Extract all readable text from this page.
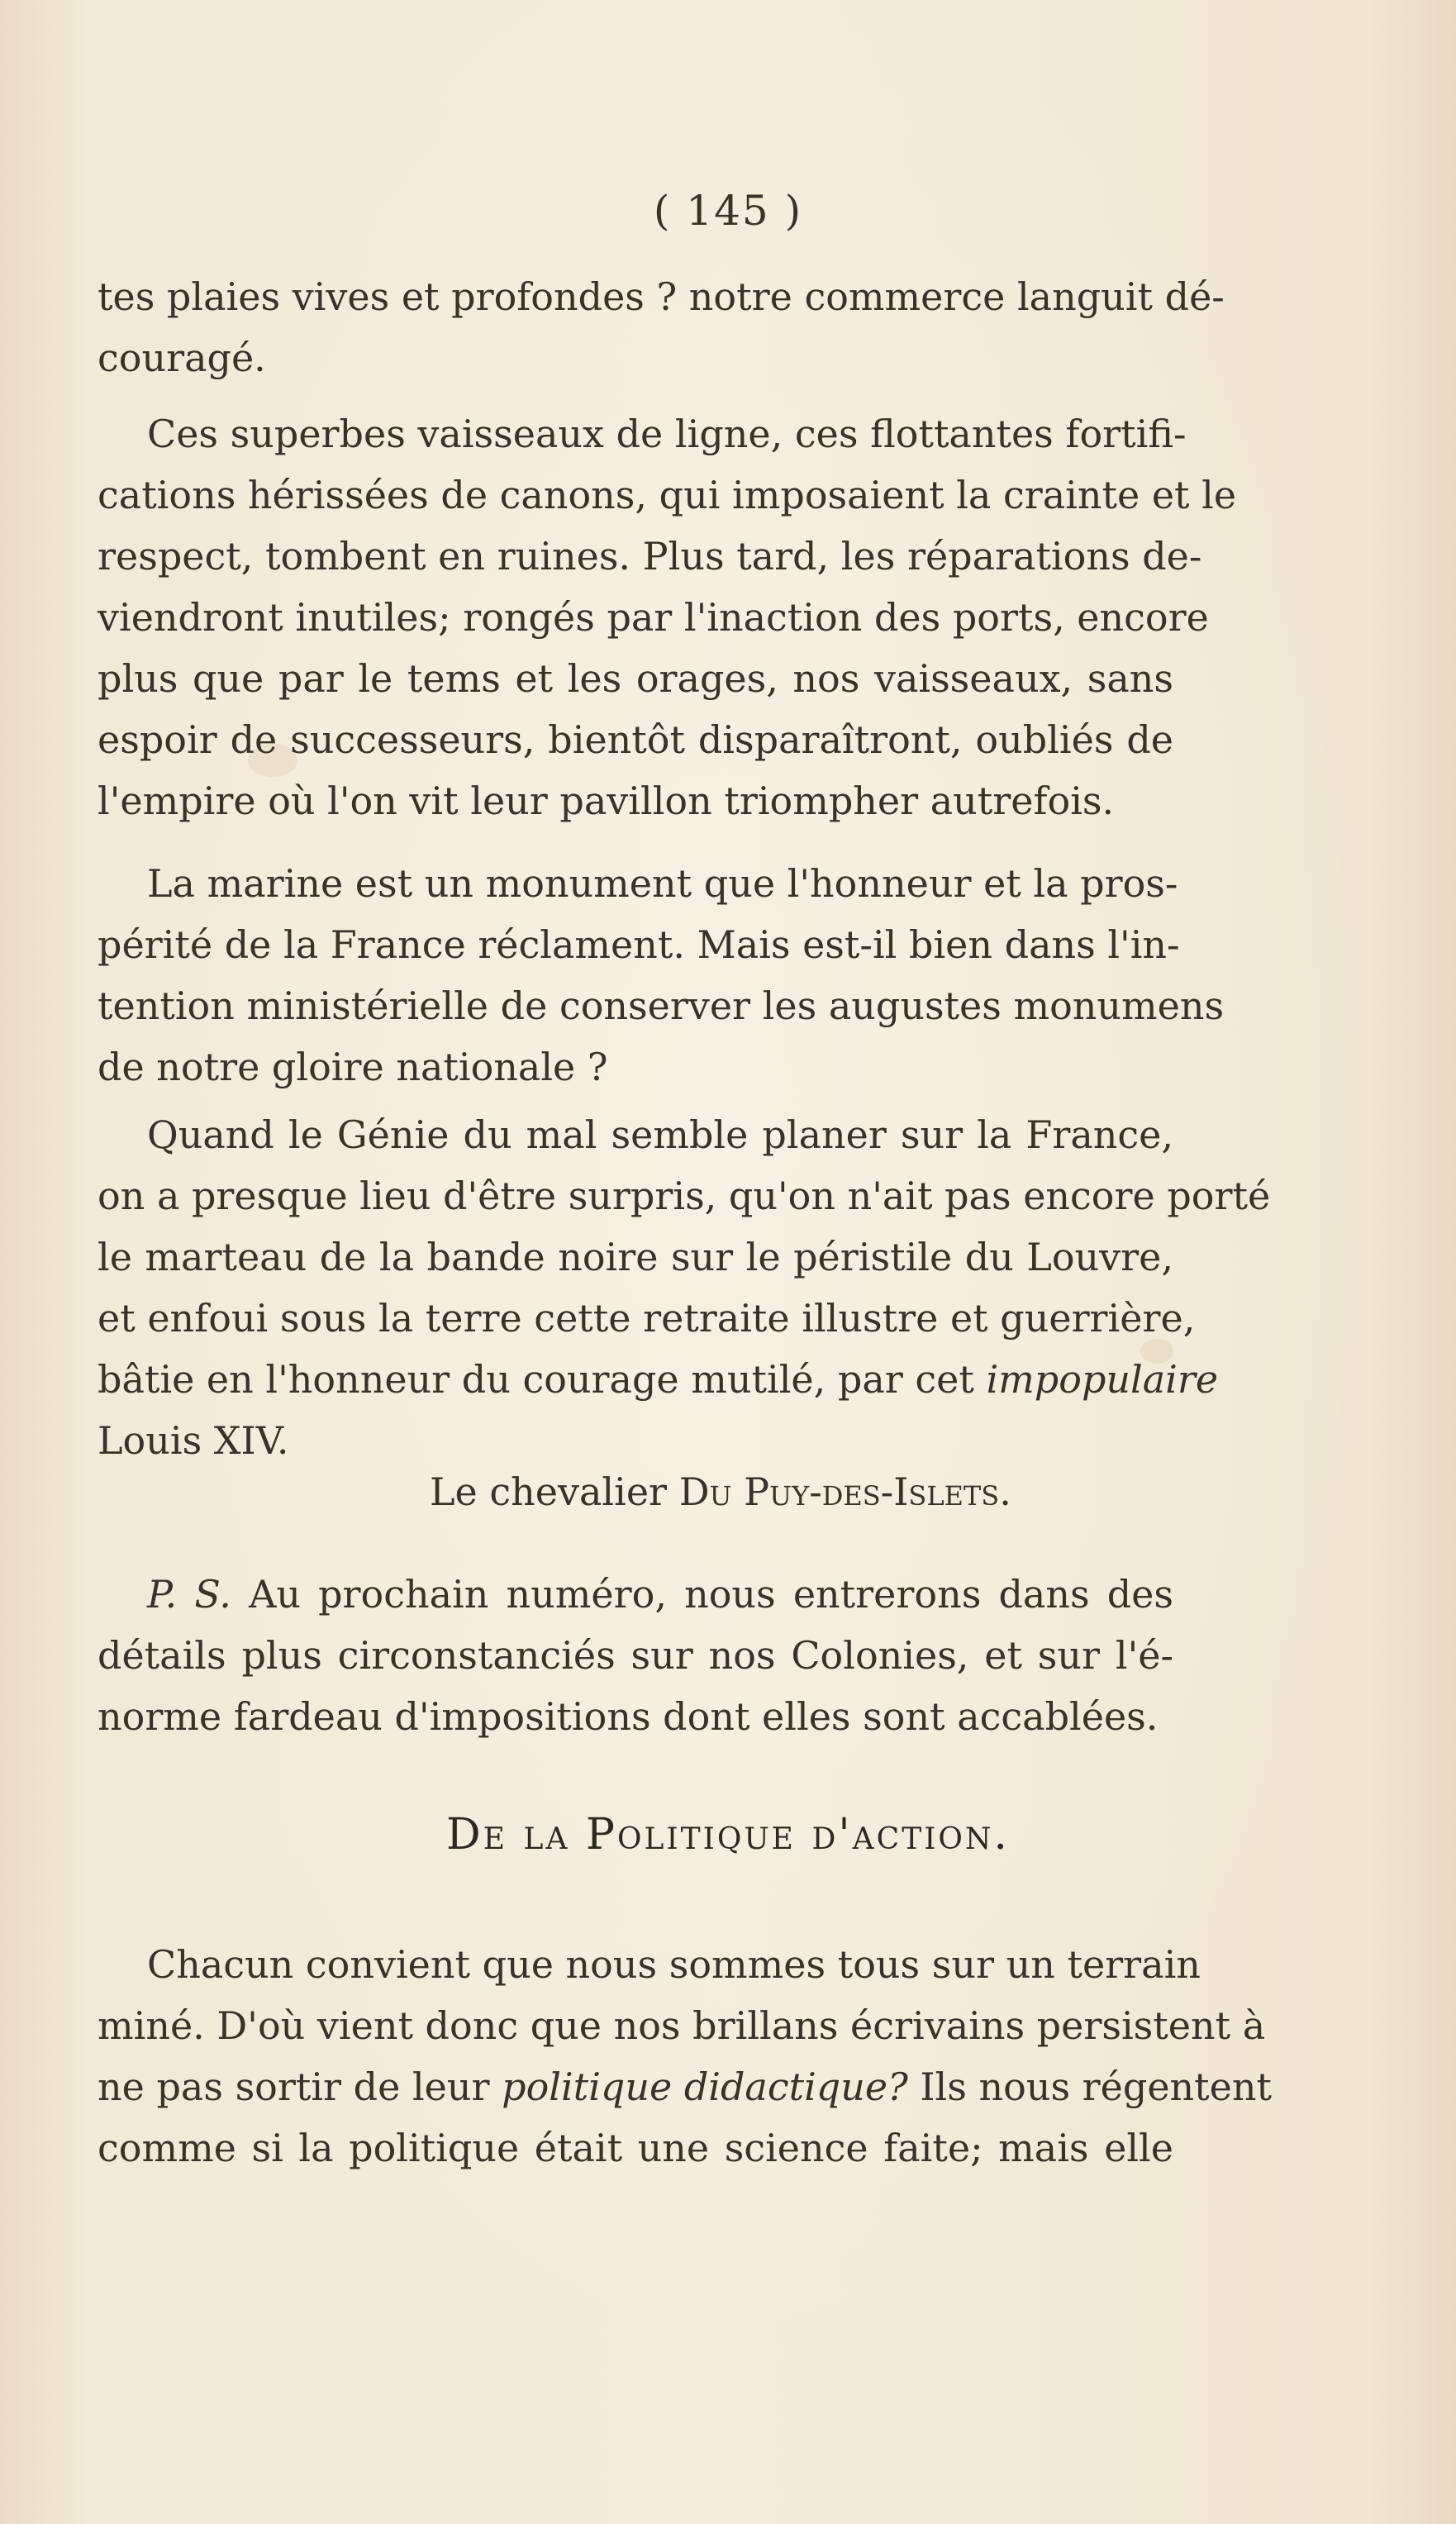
( 145 )
tes plaies vives et profondes ? notre commerce languit dé-
couragé.
Ces superbes vaisseaux de ligne, ces flottantes fortifi-
cations hérissées de canons, qui imposaient la crainte et le
respect, tombent en ruines. Plus tard, les réparations de-
viendront inutiles; rongés par l'inaction des ports, encore
plus que par le tems et les orages, nos vaisseaux, sans
espoir de successeurs, bientôt disparaîtront, oubliés de
l'empire où l'on vit leur pavillon triompher autrefois.
La marine est un monument que l'honneur et la pros-
périté de la France réclament. Mais est-il bien dans l'in-
tention ministérielle de conserver les augustes monumens
de notre gloire nationale ?
Quand le Génie du mal semble planer sur la France,
on a presque lieu d'être surpris, qu'on n'ait pas encore porté
le marteau de la bande noire sur le péristile du Louvre,
et enfoui sous la terre cette retraite illustre et guerrière,
bâtie en l'honneur du courage mutilé, par cet impopulaire
Louis XIV.
Le chevalier Du Puy-des-Islets.
P. S. Au prochain numéro, nous entrerons dans des
détails plus circonstanciés sur nos Colonies, et sur l'é-
norme fardeau d'impositions dont elles sont accablées.
De la Politique d'action.
Chacun convient que nous sommes tous sur un terrain
miné. D'où vient donc que nos brillans écrivains persistent à
ne pas sortir de leur politique didactique? Ils nous régentent
comme si la politique était une science faite; mais elle
